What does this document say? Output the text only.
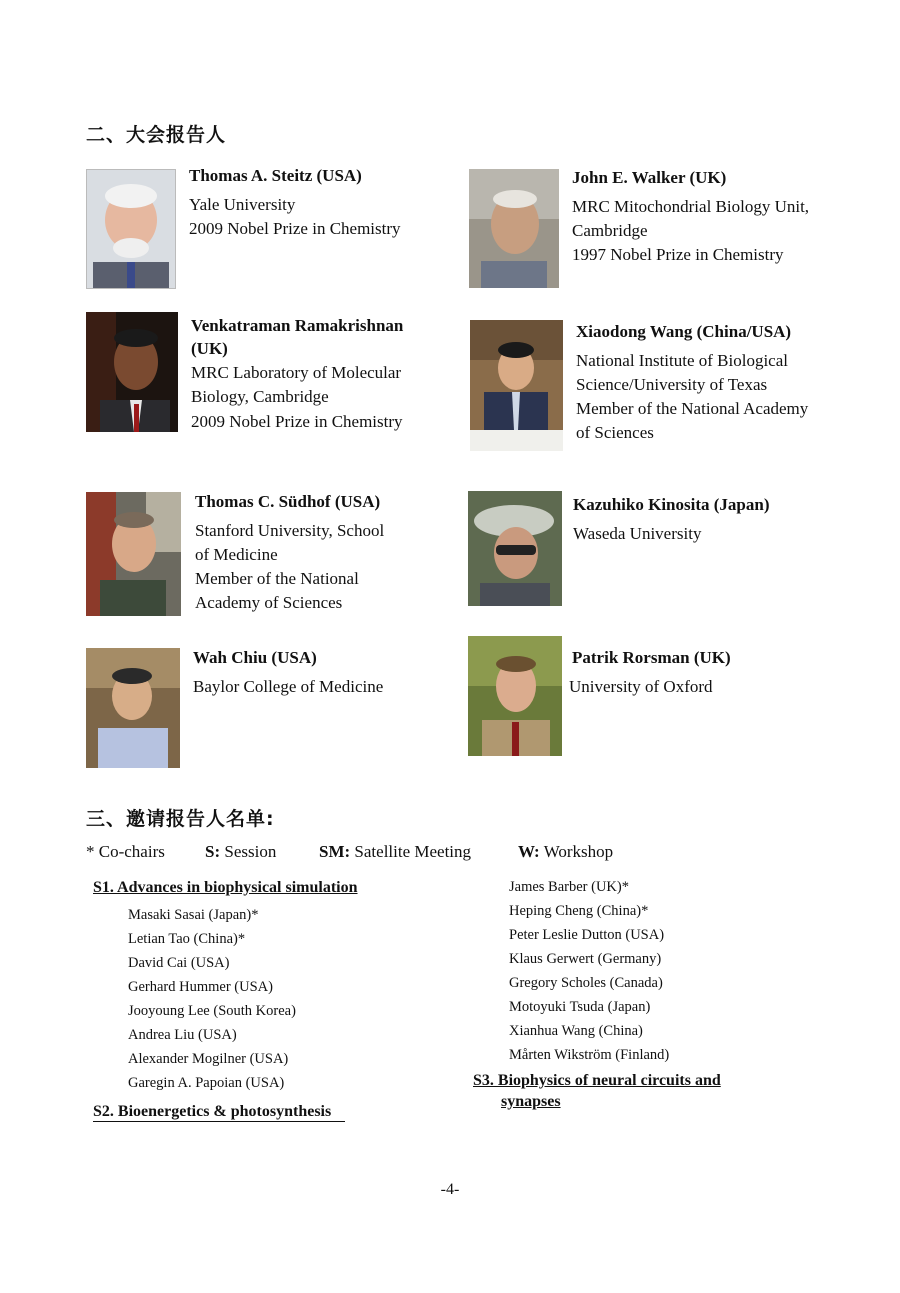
二、大会报告人
Thomas A. Steitz (USA)
Yale University
2009 Nobel Prize in Chemistry
John E. Walker (UK)
MRC Mitochondrial Biology Unit,
Cambridge
1997 Nobel Prize in Chemistry
Venkatraman Ramakrishnan
(UK)
MRC Laboratory of Molecular
Biology, Cambridge
2009 Nobel Prize in Chemistry
Xiaodong Wang (China/USA)
National Institute of Biological
Science/University of Texas
Member of the National Academy
of Sciences
Thomas C. Südhof (USA)
Stanford University, School
of Medicine
Member of the National
Academy of Sciences
Kazuhiko Kinosita (Japan)
Waseda University
Wah Chiu (USA)
Baylor College of Medicine
Patrik Rorsman (UK)
University of Oxford
三、邀请报告人名单:
* Co-chairs S: Session	SM: Satellite Meeting	W: Workshop
S1. Advances in biophysical simulation
Masaki Sasai (Japan)*
Letian Tao (China)*
David Cai (USA)
Gerhard Hummer (USA)
Jooyoung Lee (South Korea)
Andrea Liu (USA)
Alexander Mogilner (USA)
Garegin A. Papoian (USA)
S2. Bioenergetics & photosynthesis
James Barber (UK)*
Heping Cheng (China)*
Peter Leslie Dutton (USA)
Klaus Gerwert (Germany)
Gregory Scholes (Canada)
Motoyuki Tsuda (Japan)
Xianhua Wang (China)
Mårten Wikström (Finland)
S3. Biophysics of neural circuits and
synapses
-4-
